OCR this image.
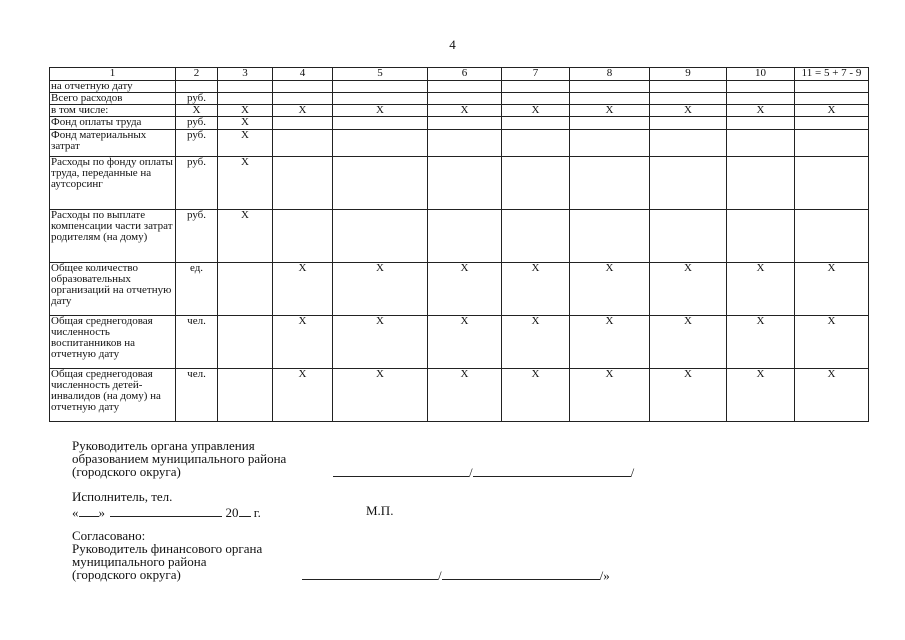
4
1	2	3	4	5	6	7	8	9	10	11 = 5 + 7 - 9
на отчетную дату										
Всего расходов	руб.									
в том числе:	X	X	X	X	X	X	X	X	X	X
Фонд оплаты труда	руб.	X								
Фонд материальных затрат	руб.	X								
Расходы по фонду оплаты труда, переданные на аутсорсинг	руб.	X								
Расходы по выплате компенсации части затрат родителям (на дому)	руб.	X								
Общее количество образовательных организаций на отчетную дату	ед.		X	X	X	X	X	X	X	X
Общая среднегодовая численность воспитанников на отчетную дату	чел.		X	X	X	X	X	X	X	X
Общая среднегодовая численность детей-инвалидов (на дому) на отчетную дату	чел.		X	X	X	X	X	X	X	X
Руководитель органа управления
образованием муниципального района
(городского округа)	/	/
Исполнитель, тел.
« »	20 г.	М.П.
Согласовано:
Руководитель финансового органа
муниципального района
(городского округа)	/	/»
